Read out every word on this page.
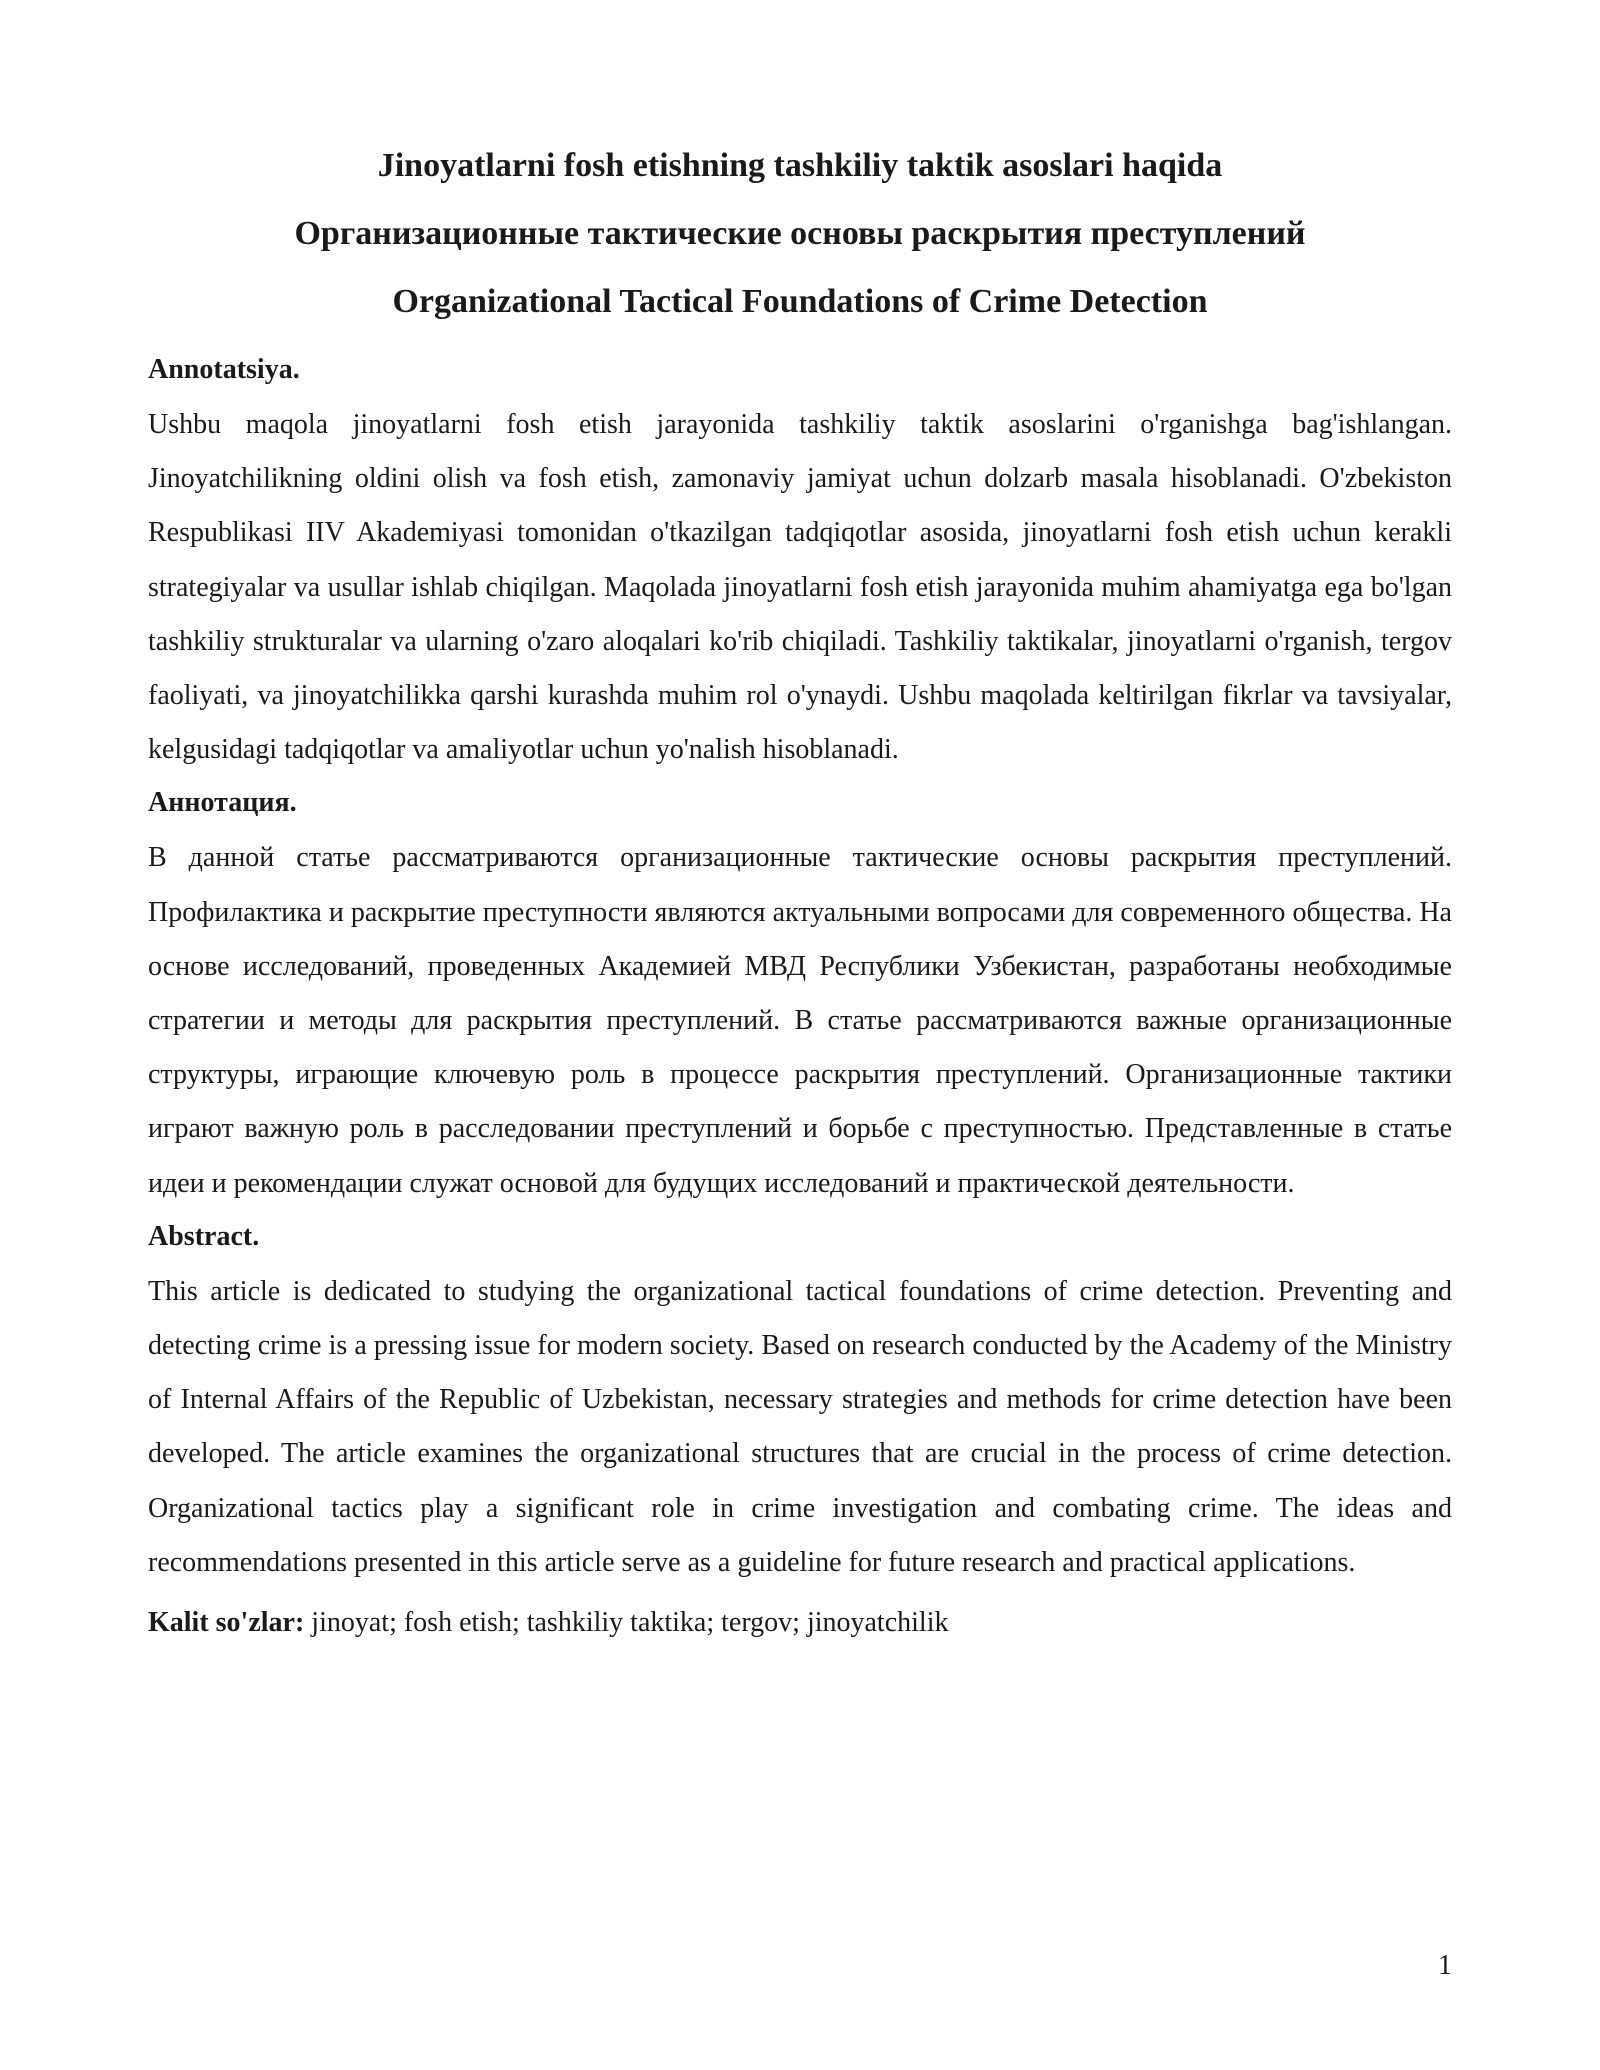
Jinoyatlarni fosh etishning tashkiliy taktik asoslari haqida
Организационные тактические основы раскрытия преступлений
Organizational Tactical Foundations of Crime Detection
Annotatsiya.

Ushbu maqola jinoyatlarni fosh etish jarayonida tashkiliy taktik asoslarini o'rganishga bag'ishlangan. Jinoyatchilikning oldini olish va fosh etish, zamonaviy jamiyat uchun dolzarb masala hisoblanadi. O'zbekiston Respublikasi IIV Akademiyasi tomonidan o'tkazilgan tadqiqotlar asosida, jinoyatlarni fosh etish uchun kerakli strategiyalar va usullar ishlab chiqilgan. Maqolada jinoyatlarni fosh etish jarayonida muhim ahamiyatga ega bo'lgan tashkiliy strukturalar va ularning o'zaro aloqalari ko'rib chiqiladi. Tashkiliy taktikalar, jinoyatlarni o'rganish, tergov faoliyati, va jinoyatchilikka qarshi kurashda muhim rol o'ynaydi. Ushbu maqolada keltirilgan fikrlar va tavsiyalar, kelgusidagi tadqiqotlar va amaliyotlar uchun yo'nalish hisoblanadi.

Аннотация.

В данной статье рассматриваются организационные тактические основы раскрытия преступлений. Профилактика и раскрытие преступности являются актуальными вопросами для современного общества. На основе исследований, проведенных Академией МВД Республики Узбекистан, разработаны необходимые стратегии и методы для раскрытия преступлений. В статье рассматриваются важные организационные структуры, играющие ключевую роль в процессе раскрытия преступлений. Организационные тактики играют важную роль в расследовании преступлений и борьбе с преступностью. Представленные в статье идеи и рекомендации служат основой для будущих исследований и практической деятельности.

Abstract.

This article is dedicated to studying the organizational tactical foundations of crime detection. Preventing and detecting crime is a pressing issue for modern society. Based on research conducted by the Academy of the Ministry of Internal Affairs of the Republic of Uzbekistan, necessary strategies and methods for crime detection have been developed. The article examines the organizational structures that are crucial in the process of crime detection. Organizational tactics play a significant role in crime investigation and combating crime. The ideas and recommendations presented in this article serve as a guideline for future research and practical applications.

Kalit so'zlar: jinoyat; fosh etish; tashkiliy taktika; tergov; jinoyatchilik

1
